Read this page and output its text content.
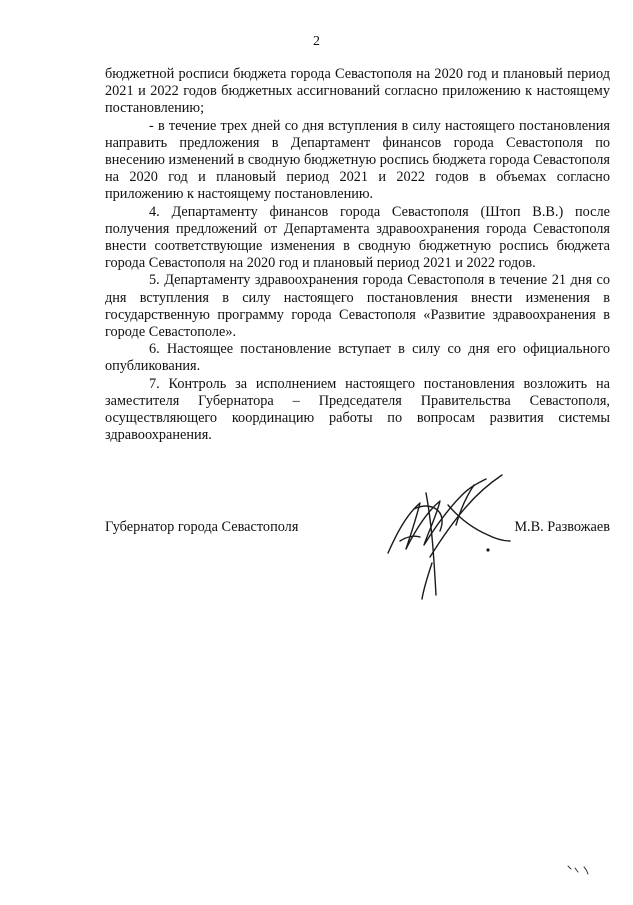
2

бюджетной росписи бюджета города Севастополя на 2020 год и плановый период 2021 и 2022 годов бюджетных ассигнований согласно приложению к настоящему постановлению;

- в течение трех дней со дня вступления в силу настоящего постановления направить предложения в Департамент финансов города Севастополя по внесению изменений в сводную бюджетную роспись бюджета города Севастополя на 2020 год и плановый период 2021 и 2022 годов в объемах согласно приложению к настоящему постановлению.

4. Департаменту финансов города Севастополя (Штоп В.В.) после получения предложений от Департамента здравоохранения города Севастополя внести соответствующие изменения в сводную бюджетную роспись бюджета города Севастополя на 2020 год и плановый период 2021 и 2022 годов.

5. Департаменту здравоохранения города Севастополя в течение 21 дня со дня вступления в силу настоящего постановления внести изменения в государственную программу города Севастополя «Развитие здравоохранения в городе Севастополе».

6. Настоящее постановление вступает в силу со дня его официального опубликования.

7. Контроль за исполнением настоящего постановления возложить на заместителя Губернатора – Председателя Правительства Севастополя, осуществляющего координацию работы по вопросам развития системы здравоохранения.

Губернатор города Севастополя	М.В. Развожаев
